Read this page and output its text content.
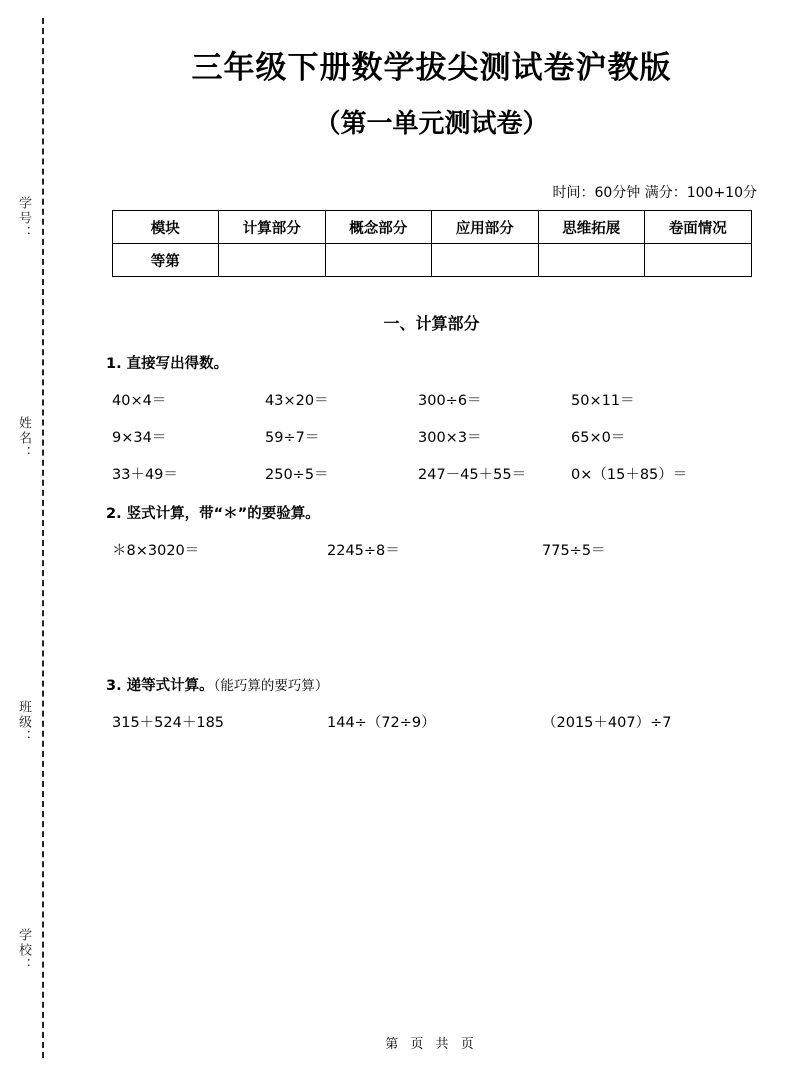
学号：
姓名：
班级：
学校：
三年级下册数学拔尖测试卷沪教版
（第一单元测试卷）
时间：60分钟 满分：100+10分
模块	计算部分	概念部分	应用部分	思维拓展	卷面情况
等第					
一、计算部分
1. 直接写出得数。
40×4＝	43×20＝	300÷6＝	50×11＝
9×34＝	59÷7＝	300×3＝	65×0＝
33＋49＝	250÷5＝	247－45＋55＝	0×（15＋85）＝
2. 竖式计算，带“＊”的要验算。
＊8×3020＝	2245÷8＝	775÷5＝
3. 递等式计算。（能巧算的要巧算）
315＋524＋185	144÷（72÷9）	（2015＋407）÷7
第 页 共 页
